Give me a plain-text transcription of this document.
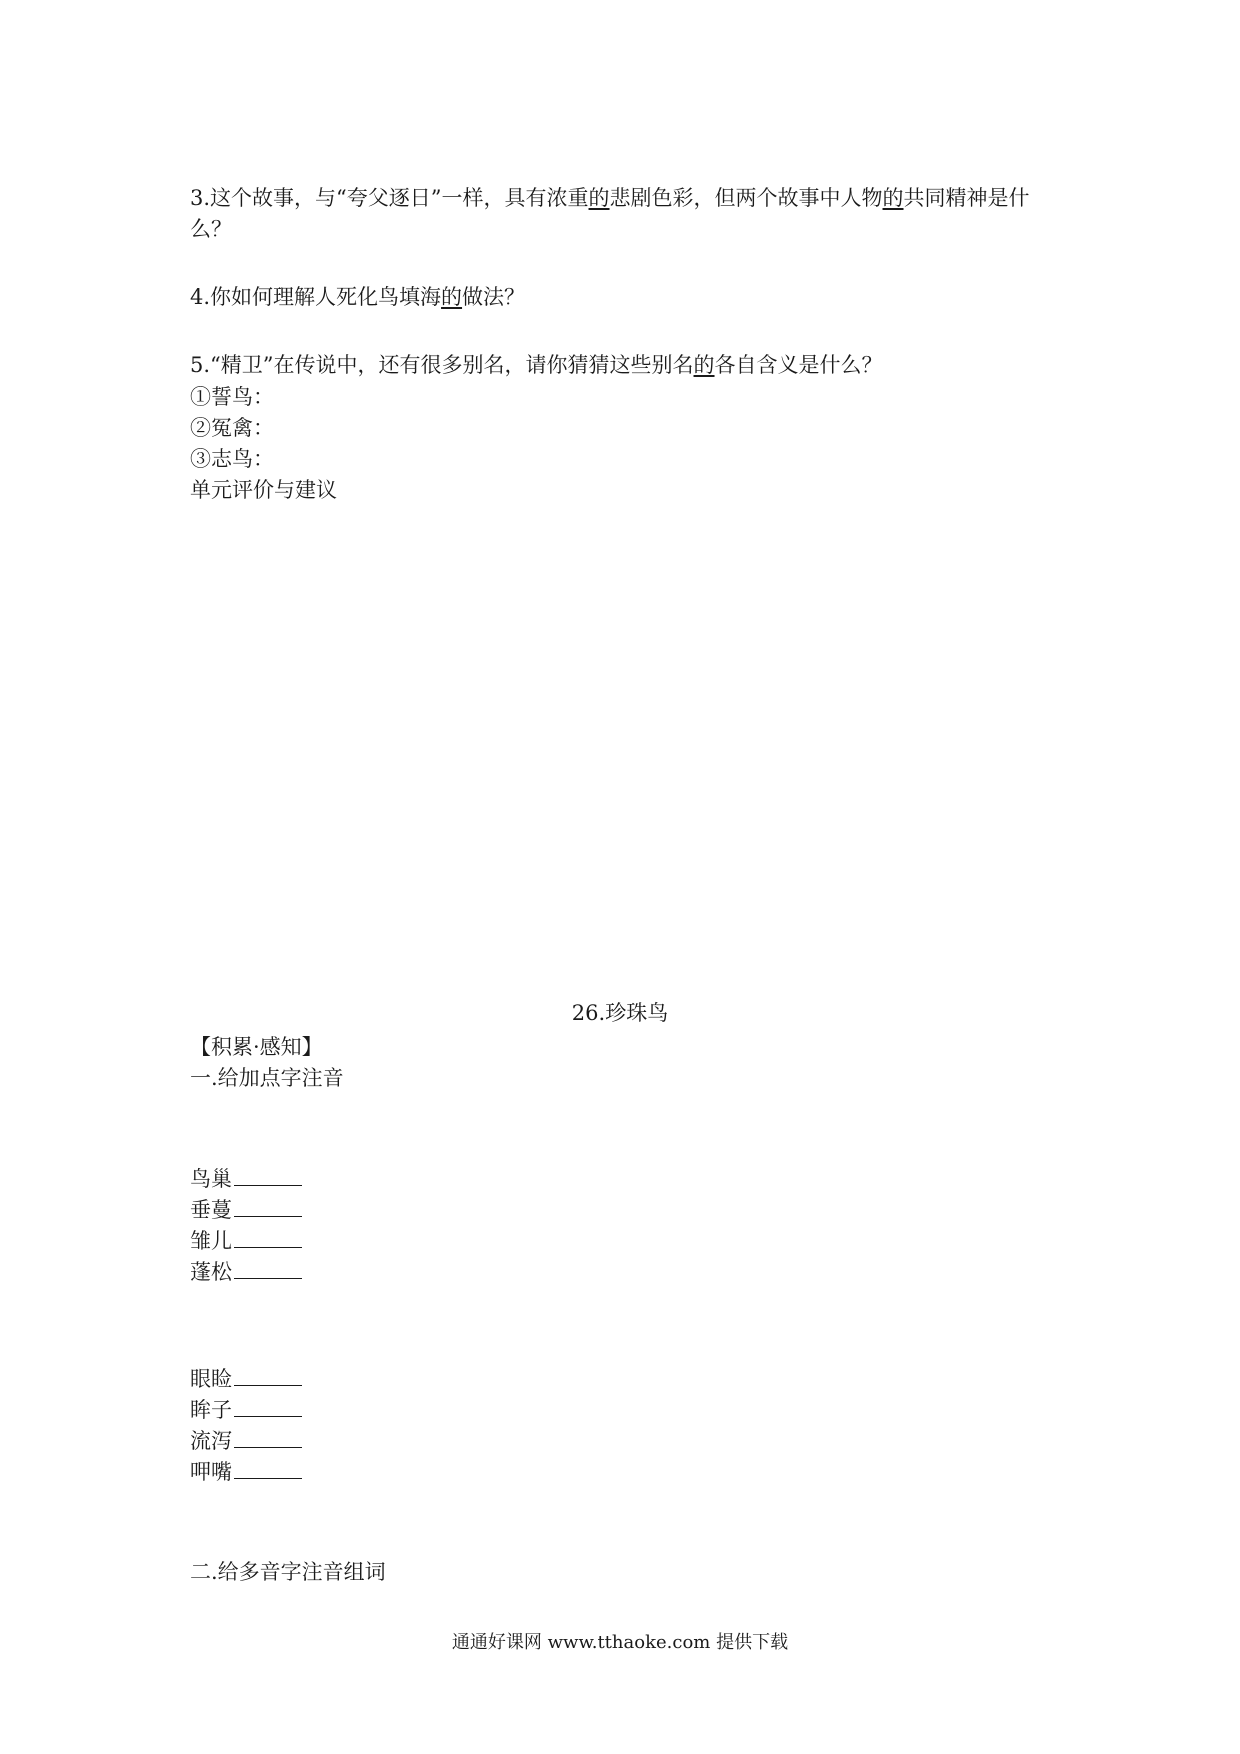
3.这个故事，与“夸父逐日”一样，具有浓重的悲剧色彩，但两个故事中人物的共同精神是什
么？
4.你如何理解人死化鸟填海的做法？
5.“精卫”在传说中，还有很多别名，请你猜猜这些别名的各自含义是什么？
①誓鸟：
②冤禽：
③志鸟：
单元评价与建议
26.珍珠鸟
【积累·感知】
一.给加点字注音
鸟巢
垂蔓
雏儿
蓬松
眼睑
眸子
流泻
呷嘴
二.给多音字注音组词
通通好课网 www.tthaoke.com 提供下载
